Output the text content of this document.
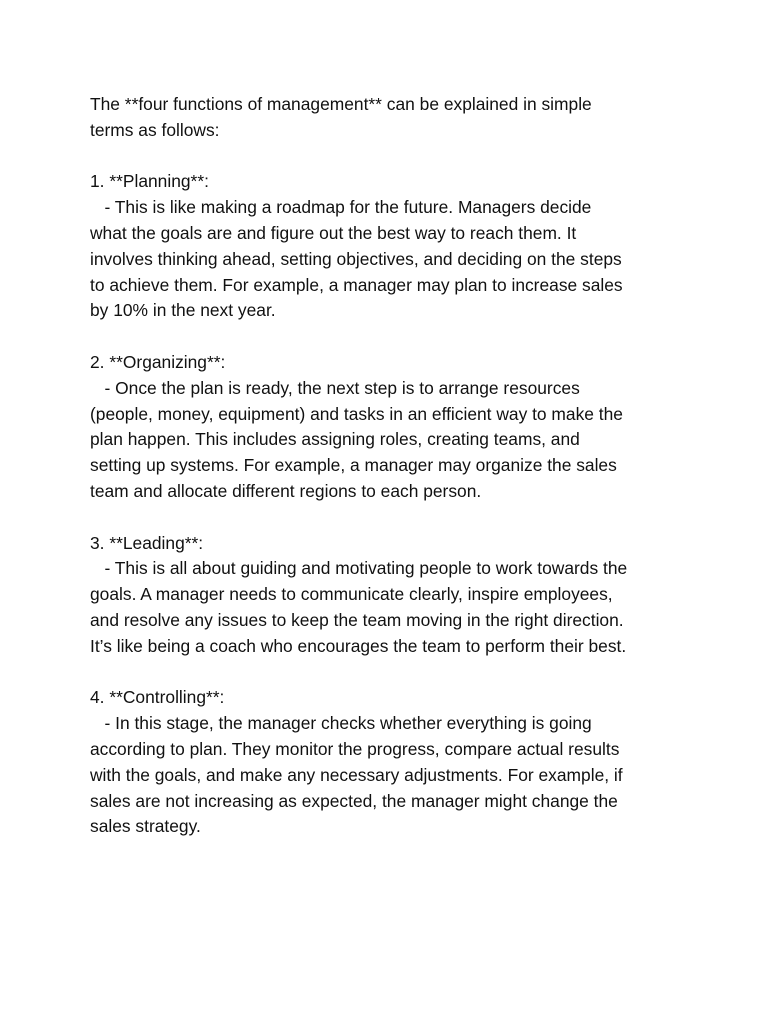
The **four functions of management** can be explained in simple
terms as follows:
1. **Planning**:
- This is like making a roadmap for the future. Managers decide
what the goals are and figure out the best way to reach them. It
involves thinking ahead, setting objectives, and deciding on the steps
to achieve them. For example, a manager may plan to increase sales
by 10% in the next year.
2. **Organizing**:
- Once the plan is ready, the next step is to arrange resources
(people, money, equipment) and tasks in an efficient way to make the
plan happen. This includes assigning roles, creating teams, and
setting up systems. For example, a manager may organize the sales
team and allocate different regions to each person.
3. **Leading**:
- This is all about guiding and motivating people to work towards the
goals. A manager needs to communicate clearly, inspire employees,
and resolve any issues to keep the team moving in the right direction.
It’s like being a coach who encourages the team to perform their best.
4. **Controlling**:
- In this stage, the manager checks whether everything is going
according to plan. They monitor the progress, compare actual results
with the goals, and make any necessary adjustments. For example, if
sales are not increasing as expected, the manager might change the
sales strategy.
